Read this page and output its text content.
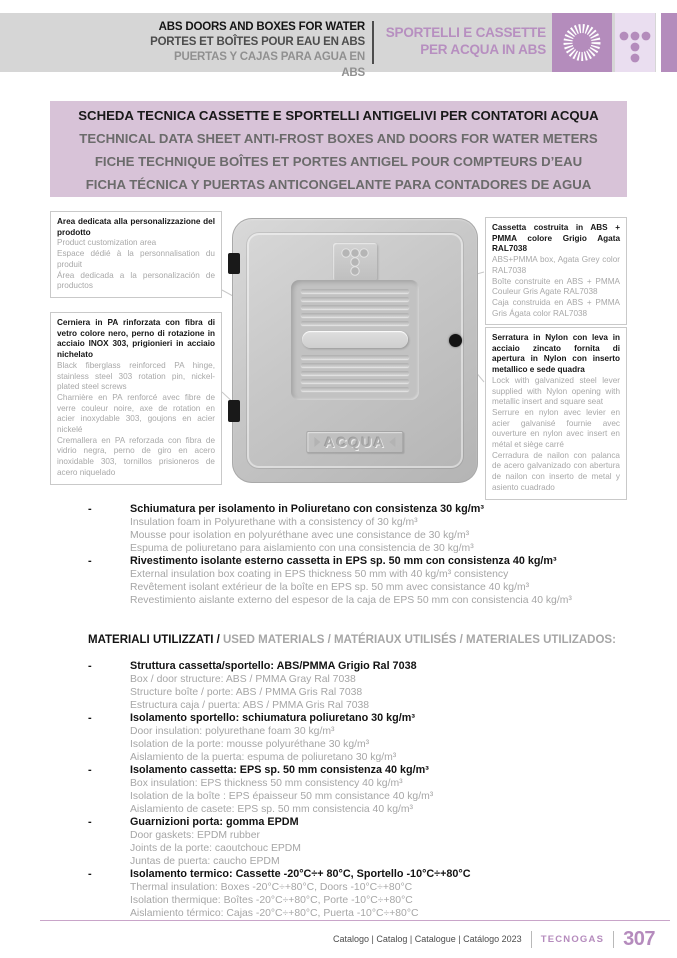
ABS DOORS AND BOXES FOR WATER
PORTES ET BOÎTES POUR EAU EN ABS
PUERTAS Y CAJAS PARA AGUA EN ABS
SPORTELLI E CASSETTE
PER ACQUA IN ABS
SCHEDA TECNICA CASSETTE E SPORTELLI ANTIGELIVI PER CONTATORI ACQUA
TECHNICAL DATA SHEET ANTI-FROST BOXES AND DOORS FOR WATER METERS
FICHE TECHNIQUE BOÎTES ET PORTES ANTIGEL POUR COMPTEURS D’EAU
FICHA TÉCNICA Y PUERTAS ANTICONGELANTE PARA CONTADORES DE AGUA
Area dedicata alla personalizzazione del prodotto
Product customization area
Espace dédié à la personnalisation du produit
Área dedicada a la personalización de productos
Cerniera in PA rinforzata con fibra di vetro colore nero, perno di rotazione in acciaio INOX 303, prigionieri in acciaio nichelato
Black fiberglass reinforced PA hinge, stainless steel 303 rotation pin, nickel-plated steel screws
Charnière en PA renforcé avec fibre de verre couleur noire, axe de rotation en acier inoxydable 303, goujons en acier nickelé
Cremallera en PA reforzada con fibra de vidrio negra, perno de giro en acero inoxidable 303, tornillos prisioneros de acero niquelado
Cassetta costruita in ABS + PMMA colore Grigio Agata RAL7038
ABS+PMMA box, Agata Grey color RAL7038
Boîte construite en ABS + PMMA Couleur Gris Agate RAL7038
Caja construida en ABS + PMMA Gris Ágata color RAL7038
Serratura in Nylon con leva in acciaio zincato fornita di apertura in Nylon con inserto metallico e sede quadra
Lock with galvanized steel lever supplied with Nylon opening with metallic insert and square seat
Serrure en nylon avec levier en acier galvanisé fournie avec ouverture en nylon avec insert en métal et siège carré
Cerradura de nailon con palanca de acero galvanizado con abertura de nailon con inserto de metal y asiento cuadrado
ACQUA
-	Schiumatura per isolamento in Poliuretano con consistenza 30 kg/m³
Insulation foam in Polyurethane with a consistency of 30 kg/m³
Mousse pour isolation en polyuréthane avec une consistance de 30 kg/m³
Espuma de poliuretano para aislamiento con una consistencia de 30 kg/m³
-	Rivestimento isolante esterno cassetta in EPS sp. 50 mm con consistenza 40 kg/m³
External insulation box coating in EPS thickness 50 mm with 40 kg/m³ consistency
Revêtement isolant extérieur de la boîte en EPS sp. 50 mm avec consistance 40 kg/m³
Revestimiento aislante externo del espesor de la caja de EPS 50 mm con consistencia 40 kg/m³
MATERIALI UTILIZZATI / USED MATERIALS / MATÉRIAUX UTILISÉS / MATERIALES UTILIZADOS:
-	Struttura cassetta/sportello: ABS/PMMA Grigio Ral 7038
Box / door structure: ABS / PMMA Gray Ral 7038
Structure boîte / porte: ABS / PMMA Gris Ral 7038
Estructura caja / puerta: ABS / PMMA Gris Ral 7038
-	Isolamento sportello: schiumatura poliuretano 30 kg/m³
Door insulation: polyurethane foam 30 kg/m³
Isolation de la porte: mousse polyuréthane 30 kg/m³
Aislamiento de la puerta: espuma de poliuretano 30 kg/m³
-	Isolamento cassetta: EPS sp. 50 mm consistenza 40 kg/m³
Box insulation: EPS thickness 50 mm consistency 40 kg/m³
Isolation de la boîte : EPS épaisseur 50 mm consistance 40 kg/m³
Aislamiento de casete: EPS sp. 50 mm consistencia 40 kg/m³
-	Guarnizioni porta: gomma EPDM
Door gaskets: EPDM rubber
Joints de la porte: caoutchouc EPDM
Juntas de puerta: caucho EPDM
-	Isolamento termico: Cassette -20°C÷+ 80°C, Sportello -10°C÷+80°C
Thermal insulation: Boxes -20°C÷+80°C, Doors -10°C÷+80°C
Isolation thermique: Boîtes -20°C÷+80°C, Porte -10°C÷+80°C
Aislamiento térmico: Cajas -20°C÷+80°C, Puerta -10°C÷+80°C
Catalogo | Catalog | Catalogue | Catálogo 2023 TECNOGAS 307
